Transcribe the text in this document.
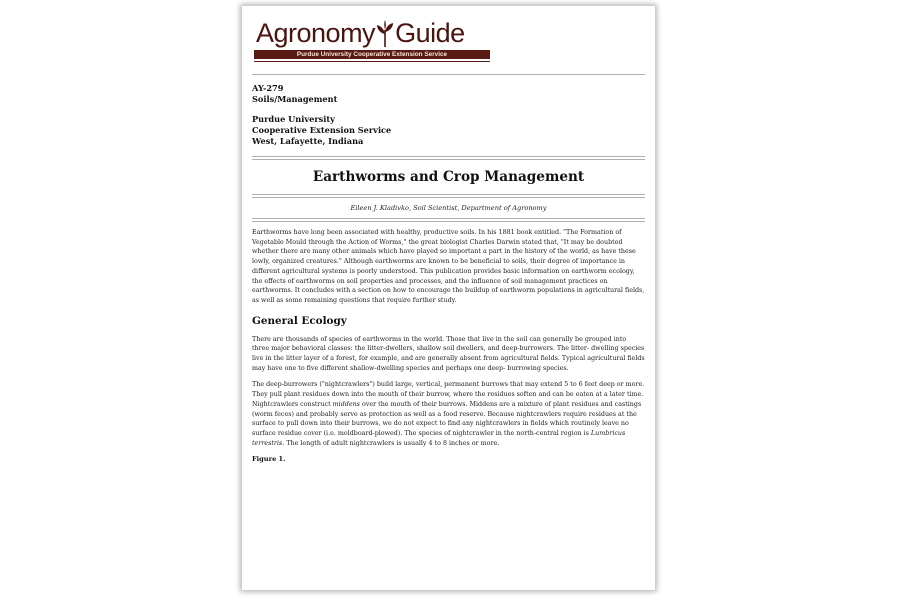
Agronomy Guide
Purdue University Cooperative Extension Service
AY-279
Soils/Management
Purdue University
Cooperative Extension Service
West, Lafayette, Indiana
Earthworms and Crop Management
Eileen J. Kladivko, Soil Scientist, Department of Agronomy

Earthworms have long been associated with healthy, productive soils. In his 1881 book entitled. "The Formation of Vegetable Mould through the Action of Worms," the great biologist Charles Darwin stated that, "It may be doubted whether there are many other animals which have played so important a part in the history of the world, as have these lowly, organized creatures." Although earthworms are known to be beneficial to soils, their degree of importance in different agricultural systems is poorly understood. This publication provides basic information on earthworm ecology, the effects of earthworms on soil properties and processes, and the influence of soil management practices on earthworms. It concludes with a section on how to encourage the buildup of earthworm populations in agricultural fields, as well as some remaining questions that require further study.

General Ecology

There are thousands of species of earthworms in the world. Those that live in the soil can generally be grouped into three major behavioral classes: the litter-dwellers, shallow soil dwellers, and deep-burrowers. The litter- dwelling species live in the litter layer of a forest, for example, and are generally absent from agricultural fields. Typical agricultural fields may have one to five different shallow-dwelling species and perhaps one deep- burrowing species.

The deep-burrowers ("nightcrawlers") build large, vertical, permanent burrows that may extend 5 to 6 feet deep or more. They pull plant residues down into the mouth of their burrow, where the residues soften and can be eaten at a later time. Nightcrawlers construct middens over the mouth of their burrows. Middens are a mixture of plant residues and castings (worm feces) and probably serve as protection as well as a food reserve. Because nightcrawlers require residues at the surface to pull down into their burrows, we do not expect to find any nightcrawlers in fields which routinely leave no surface residue cover (i.e. moldboard-plowed). The species of nightcrawler in the north-central region is Lumbricus terrestris. The length of adult nightcrawlers is usually 4 to 8 inches or more.

Figure 1.
